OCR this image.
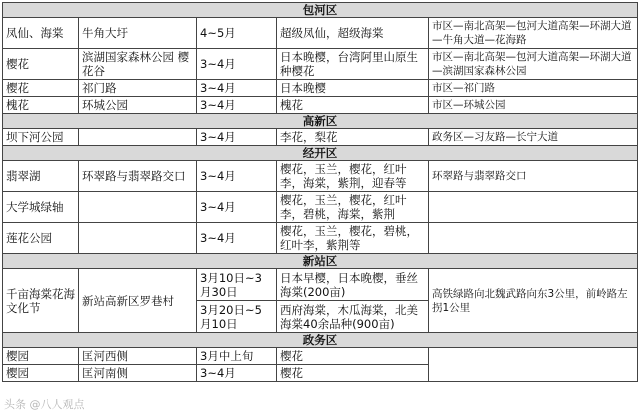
包河区				
凤仙、海棠	牛角大圩	4~5月	超级凤仙，超级海棠	市区—南北高架—包河大道高架—环湖大道—牛角大道—花海路
樱花	滨湖国家森林公园 樱花谷	3~4月	日本晚樱，台湾阿里山原生种樱花	市区—南北高架—包河大道高架—环湖大道—滨湖国家森林公园
樱花	祁门路	3~4月	日本晚樱	市区—祁门路
槐花	环城公园	3~4月	槐花	市区—环城公园
高新区				
坝下河公园		3~4月	李花，梨花	政务区—习友路—长宁大道
经开区				
翡翠湖	环翠路与翡翠路交口	3~4月	樱花，玉兰，樱花，红叶李，海棠，紫荆，迎春等	环翠路与翡翠路交口
大学城绿轴		3~4月	樱花，玉兰，樱花，红叶李，碧桃，海棠，紫荆	
莲花公园		3~4月	樱花，玉兰，樱花，碧桃，红叶李，紫荆等	
新站区				
千亩海棠花海文化节	新站高新区罗巷村	3月10日~3月30日	日本早樱，日本晚樱，垂丝海棠(200亩)	高铁绿路向北魏武路向东3公里，前岭路左拐1公里
		3月20日~5月10日	西府海棠，木瓜海棠，北美海棠40余品种(900亩)	
政务区				
樱园	匡河西侧	3月中上旬	樱花	
樱园	匡河南侧	3~4月	樱花	
头条 @八人观点
